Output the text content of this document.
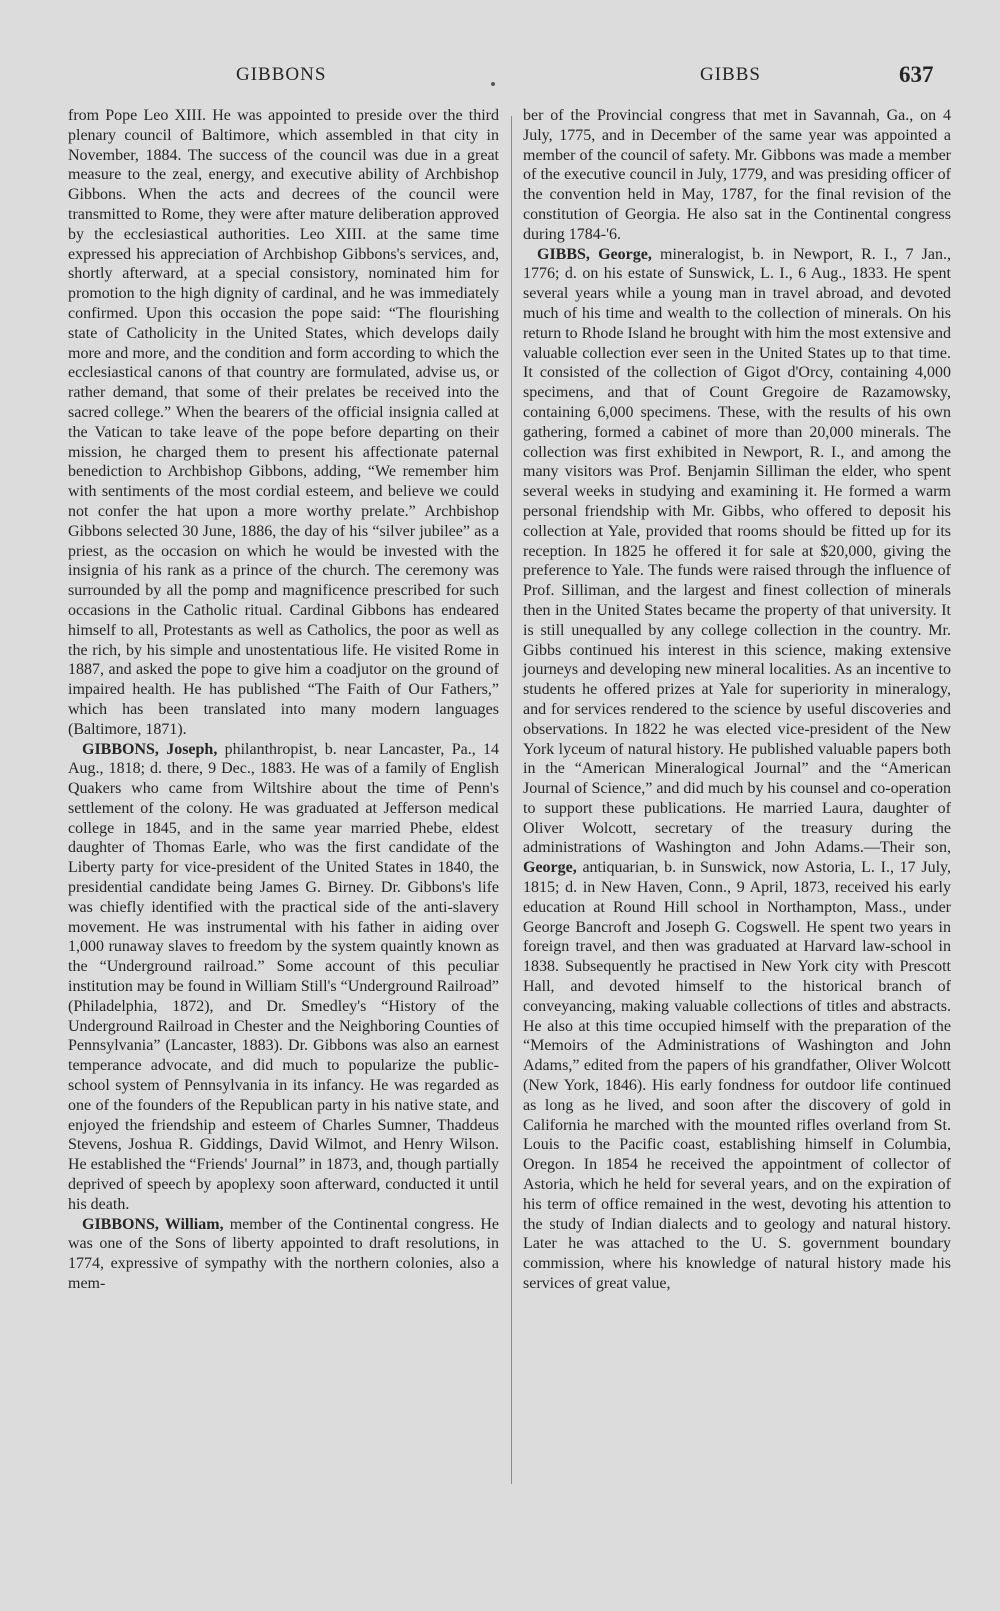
GIBBONS	GIBBS	637

from Pope Leo XIII. He was appointed to preside over the third plenary council of Baltimore, which assembled in that city in November, 1884. The success of the council was due in a great measure to the zeal, energy, and executive ability of Archbishop Gibbons. When the acts and decrees of the council were transmitted to Rome, they were after mature deliberation approved by the ecclesiastical authorities. Leo XIII. at the same time expressed his appreciation of Archbishop Gibbons's services, and, shortly afterward, at a special consistory, nominated him for promotion to the high dignity of cardinal, and he was immediately confirmed. Upon this occasion the pope said: “The flourishing state of Catholicity in the United States, which develops daily more and more, and the condition and form according to which the ecclesiastical canons of that country are formulated, advise us, or rather demand, that some of their prelates be received into the sacred college.” When the bearers of the official insignia called at the Vatican to take leave of the pope before departing on their mission, he charged them to present his affectionate paternal benediction to Archbishop Gibbons, adding, “We remember him with sentiments of the most cordial esteem, and believe we could not confer the hat upon a more worthy prelate.” Archbishop Gibbons selected 30 June, 1886, the day of his “silver jubilee” as a priest, as the occasion on which he would be invested with the insignia of his rank as a prince of the church. The ceremony was surrounded by all the pomp and magnificence prescribed for such occasions in the Catholic ritual. Cardinal Gibbons has endeared himself to all, Protestants as well as Catholics, the poor as well as the rich, by his simple and unostentatious life. He visited Rome in 1887, and asked the pope to give him a coadjutor on the ground of impaired health. He has published “The Faith of Our Fathers,” which has been translated into many modern languages (Baltimore, 1871).

GIBBONS, Joseph, philanthropist, b. near Lancaster, Pa., 14 Aug., 1818; d. there, 9 Dec., 1883. He was of a family of English Quakers who came from Wiltshire about the time of Penn's settlement of the colony. He was graduated at Jefferson medical college in 1845, and in the same year married Phebe, eldest daughter of Thomas Earle, who was the first candidate of the Liberty party for vice-president of the United States in 1840, the presidential candidate being James G. Birney. Dr. Gibbons's life was chiefly identified with the practical side of the anti-slavery movement. He was instrumental with his father in aiding over 1,000 runaway slaves to freedom by the system quaintly known as the “Underground railroad.” Some account of this peculiar institution may be found in William Still's “Underground Railroad” (Philadelphia, 1872), and Dr. Smedley's “History of the Underground Railroad in Chester and the Neighboring Counties of Pennsylvania” (Lancaster, 1883). Dr. Gibbons was also an earnest temperance advocate, and did much to popularize the public-school system of Pennsylvania in its infancy. He was regarded as one of the founders of the Republican party in his native state, and enjoyed the friendship and esteem of Charles Sumner, Thaddeus Stevens, Joshua R. Giddings, David Wilmot, and Henry Wilson. He established the “Friends' Journal” in 1873, and, though partially deprived of speech by apoplexy soon afterward, conducted it until his death.

GIBBONS, William, member of the Continental congress. He was one of the Sons of liberty appointed to draft resolutions, in 1774, expressive of sympathy with the northern colonies, also a mem-

ber of the Provincial congress that met in Savannah, Ga., on 4 July, 1775, and in December of the same year was appointed a member of the council of safety. Mr. Gibbons was made a member of the executive council in July, 1779, and was presiding officer of the convention held in May, 1787, for the final revision of the constitution of Georgia. He also sat in the Continental congress during 1784-'6.

GIBBS, George, mineralogist, b. in Newport, R. I., 7 Jan., 1776; d. on his estate of Sunswick, L. I., 6 Aug., 1833. He spent several years while a young man in travel abroad, and devoted much of his time and wealth to the collection of minerals. On his return to Rhode Island he brought with him the most extensive and valuable collection ever seen in the United States up to that time. It consisted of the collection of Gigot d'Orcy, containing 4,000 specimens, and that of Count Gregoire de Razamowsky, containing 6,000 specimens. These, with the results of his own gathering, formed a cabinet of more than 20,000 minerals. The collection was first exhibited in Newport, R. I., and among the many visitors was Prof. Benjamin Silliman the elder, who spent several weeks in studying and examining it. He formed a warm personal friendship with Mr. Gibbs, who offered to deposit his collection at Yale, provided that rooms should be fitted up for its reception. In 1825 he offered it for sale at $20,000, giving the preference to Yale. The funds were raised through the influence of Prof. Silliman, and the largest and finest collection of minerals then in the United States became the property of that university. It is still unequalled by any college collection in the country. Mr. Gibbs continued his interest in this science, making extensive journeys and developing new mineral localities. As an incentive to students he offered prizes at Yale for superiority in mineralogy, and for services rendered to the science by useful discoveries and observations. In 1822 he was elected vice-president of the New York lyceum of natural history. He published valuable papers both in the “American Mineralogical Journal” and the “American Journal of Science,” and did much by his counsel and co-operation to support these publications. He married Laura, daughter of Oliver Wolcott, secretary of the treasury during the administrations of Washington and John Adams.—Their son, George, antiquarian, b. in Sunswick, now Astoria, L. I., 17 July, 1815; d. in New Haven, Conn., 9 April, 1873, received his early education at Round Hill school in Northampton, Mass., under George Bancroft and Joseph G. Cogswell. He spent two years in foreign travel, and then was graduated at Harvard law-school in 1838. Subsequently he practised in New York city with Prescott Hall, and devoted himself to the historical branch of conveyancing, making valuable collections of titles and abstracts. He also at this time occupied himself with the preparation of the “Memoirs of the Administrations of Washington and John Adams,” edited from the papers of his grandfather, Oliver Wolcott (New York, 1846). His early fondness for outdoor life continued as long as he lived, and soon after the discovery of gold in California he marched with the mounted rifles overland from St. Louis to the Pacific coast, establishing himself in Columbia, Oregon. In 1854 he received the appointment of collector of Astoria, which he held for several years, and on the expiration of his term of office remained in the west, devoting his attention to the study of Indian dialects and to geology and natural history. Later he was attached to the U. S. government boundary commission, where his knowledge of natural history made his services of great value,
